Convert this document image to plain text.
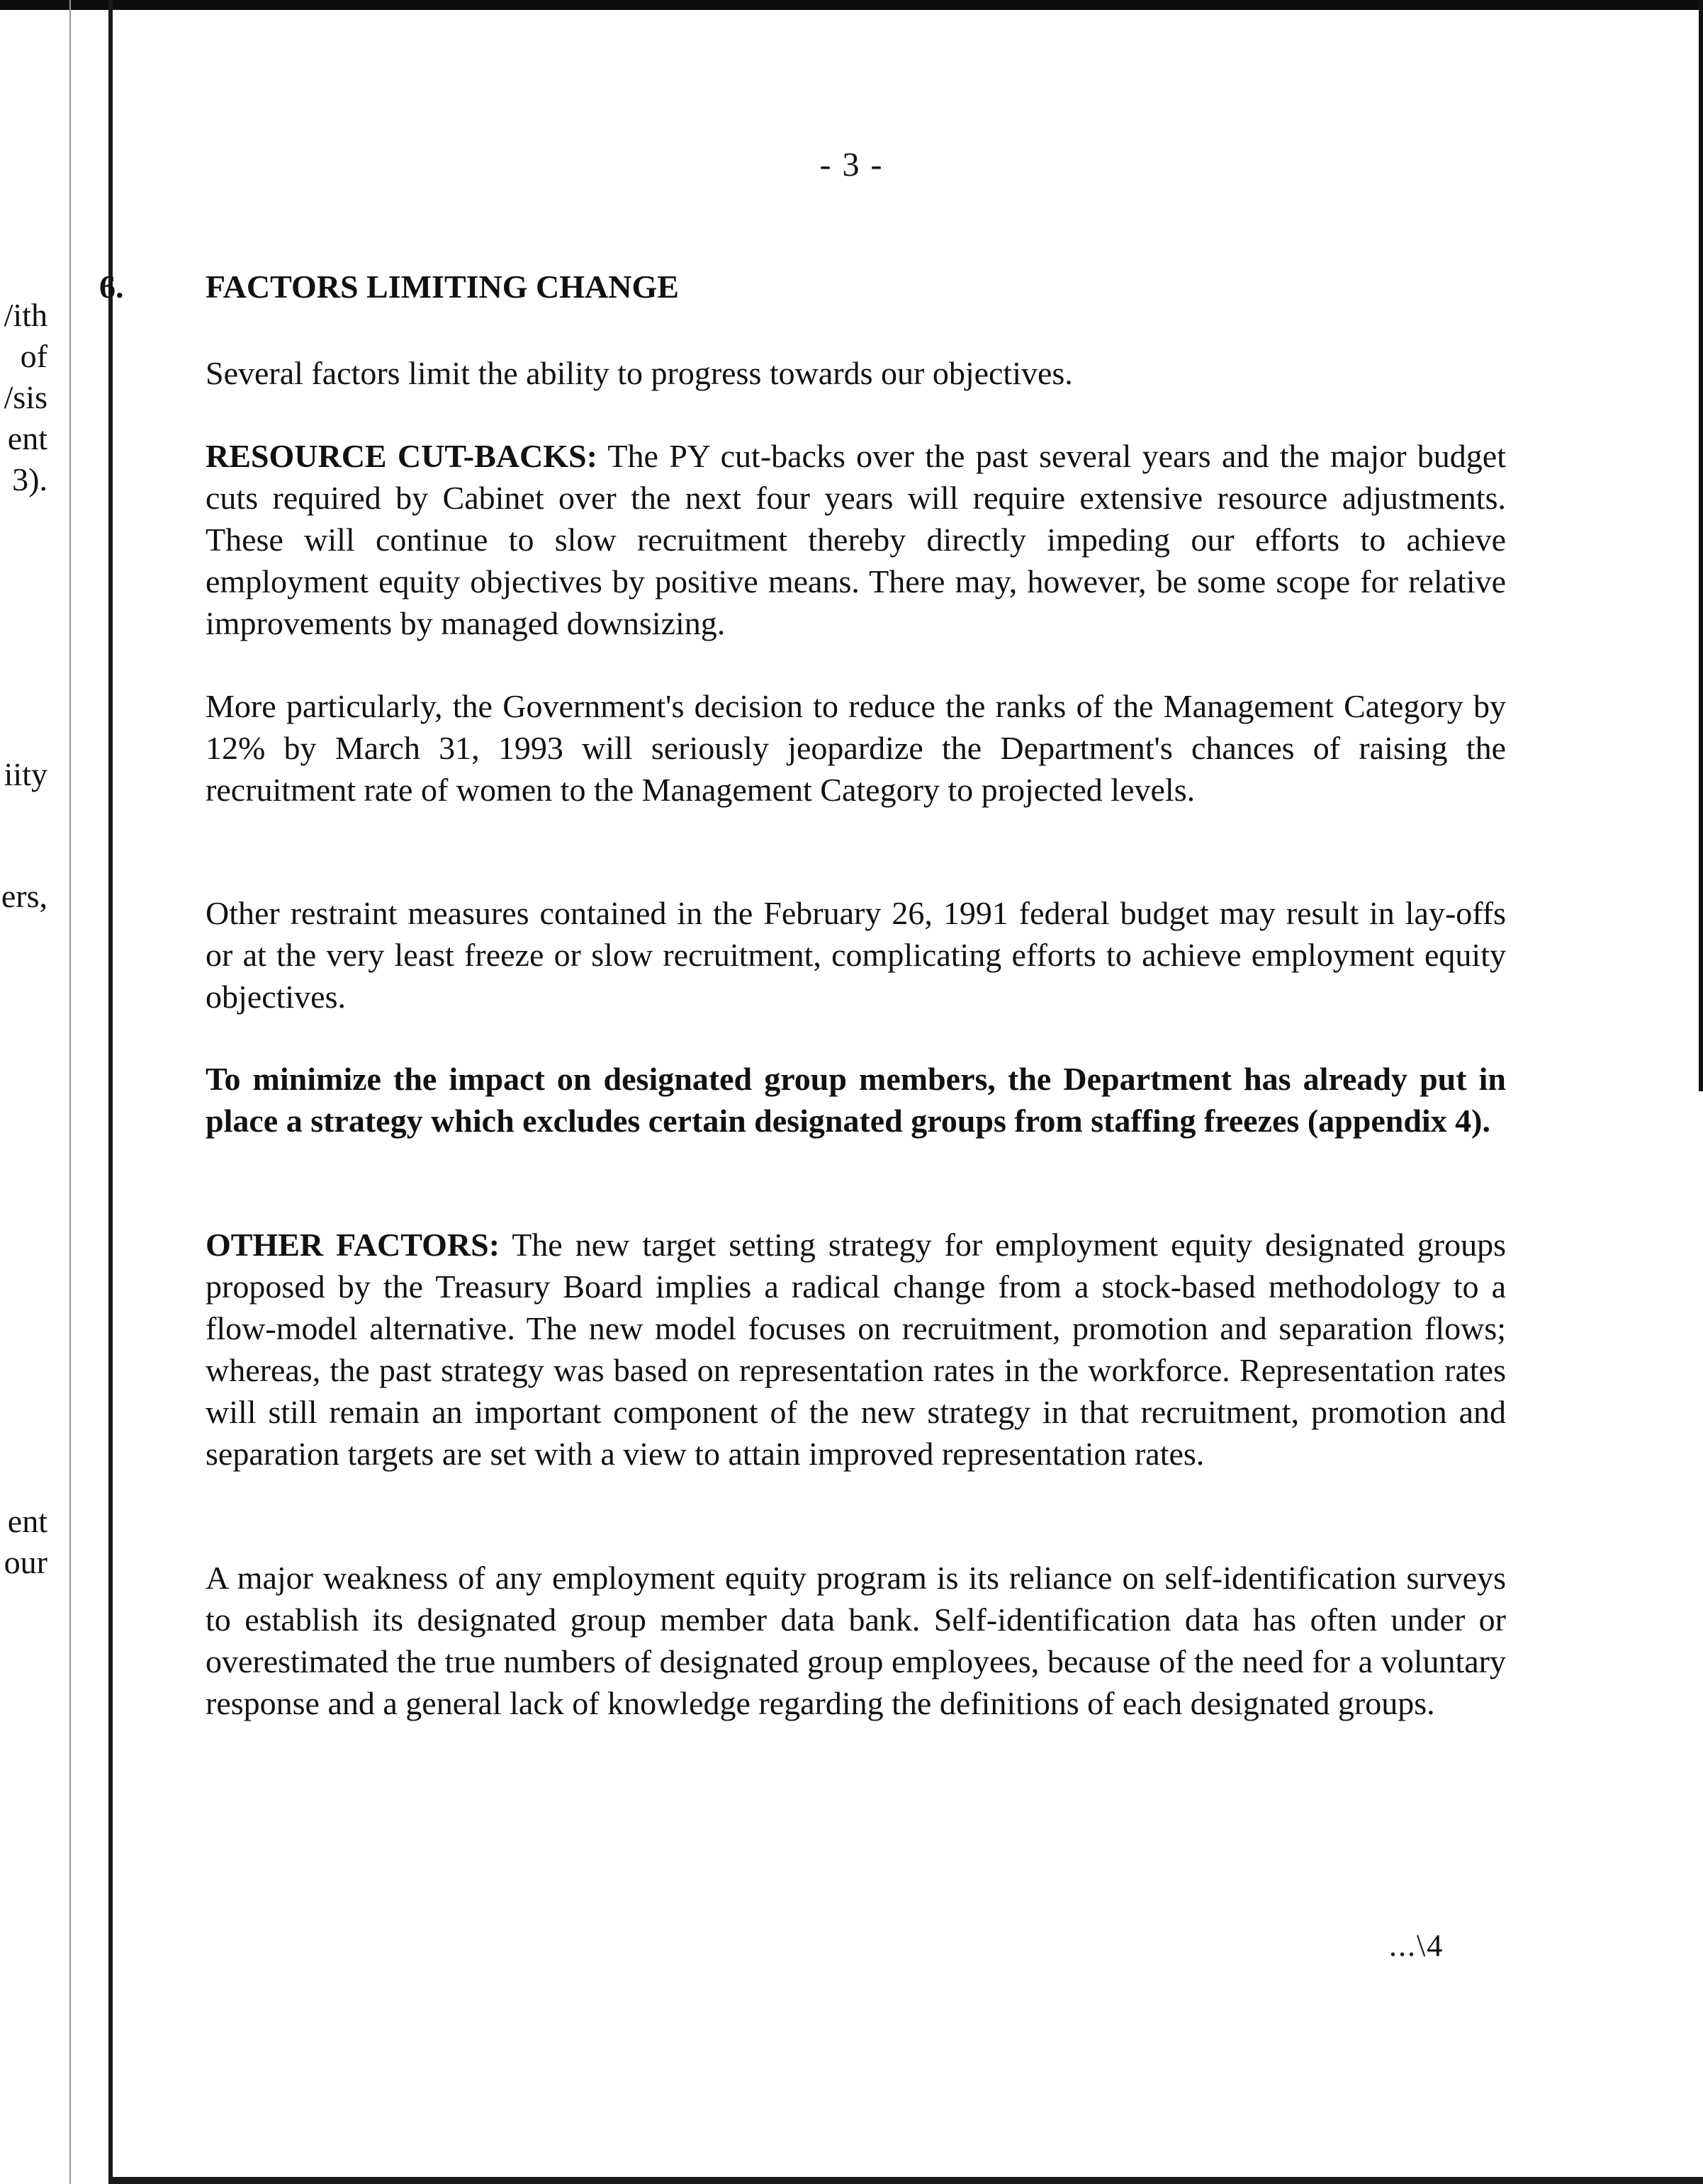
/ith
of
/sis
ent
3).
iity
ers,
ent
our
- 3 -
6.	FACTORS LIMITING CHANGE
Several factors limit the ability to progress towards our objectives.
RESOURCE CUT-BACKS: The PY cut-backs over the past several years and the major budget cuts required by Cabinet over the next four years will require extensive resource adjustments. These will continue to slow recruitment thereby directly impeding our efforts to achieve employment equity objectives by positive means. There may, however, be some scope for relative improvements by managed downsizing.
More particularly, the Government's decision to reduce the ranks of the Management Category by 12% by March 31, 1993 will seriously jeopardize the Department's chances of raising the recruitment rate of women to the Management Category to projected levels.
Other restraint measures contained in the February 26, 1991 federal budget may result in lay-offs or at the very least freeze or slow recruitment, complicating efforts to achieve employment equity objectives.
To minimize the impact on designated group members, the Department has already put in place a strategy which excludes certain designated groups from staffing freezes (appendix 4).
OTHER FACTORS: The new target setting strategy for employment equity designated groups proposed by the Treasury Board implies a radical change from a stock-based methodology to a flow-model alternative. The new model focuses on recruitment, promotion and separation flows; whereas, the past strategy was based on representation rates in the workforce. Representation rates will still remain an important component of the new strategy in that recruitment, promotion and separation targets are set with a view to attain improved representation rates.
A major weakness of any employment equity program is its reliance on self-identification surveys to establish its designated group member data bank. Self-identification data has often under or overestimated the true numbers of designated group employees, because of the need for a voluntary response and a general lack of knowledge regarding the definitions of each designated groups.
...\4
